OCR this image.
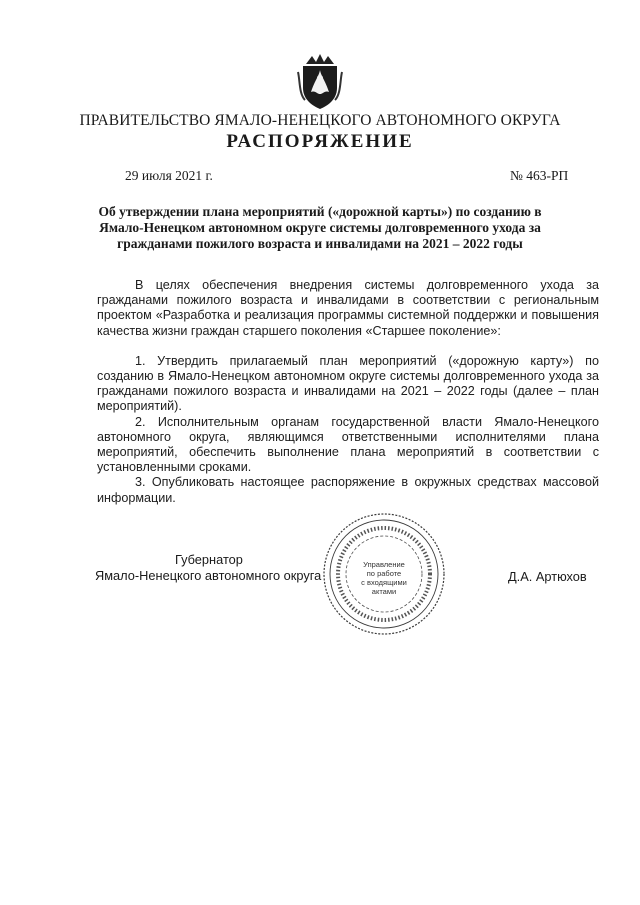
ПРАВИТЕЛЬСТВО ЯМАЛО-НЕНЕЦКОГО АВТОНОМНОГО ОКРУГА
РАСПОРЯЖЕНИЕ
29 июля 2021 г.	№ 463-РП
Об утверждении плана мероприятий («дорожной карты») по созданию в Ямало-Ненецком автономном округе системы долговременного ухода за гражданами пожилого возраста и инвалидами на 2021 – 2022 годы

В целях обеспечения внедрения системы долговременного ухода за гражданами пожилого возраста и инвалидами в соответствии с региональным проектом «Разработка и реализация программы системной поддержки и повышения качества жизни граждан старшего поколения «Старшее поколение»:

1. Утвердить прилагаемый план мероприятий («дорожную карту») по созданию в Ямало-Ненецком автономном округе системы долговременного ухода за гражданами пожилого возраста и инвалидами на 2021 – 2022 годы (далее – план мероприятий).

2. Исполнительным органам государственной власти Ямало-Ненецкого автономного округа, являющимся ответственными исполнителями плана мероприятий, обеспечить выполнение плана мероприятий в соответствии с установленными сроками.

3. Опубликовать настоящее распоряжение в окружных средствах массовой информации.

Губернатор
Ямало-Ненецкого автономного округа
Управление
по работе
с входящими
актами
Д.А. Артюхов
